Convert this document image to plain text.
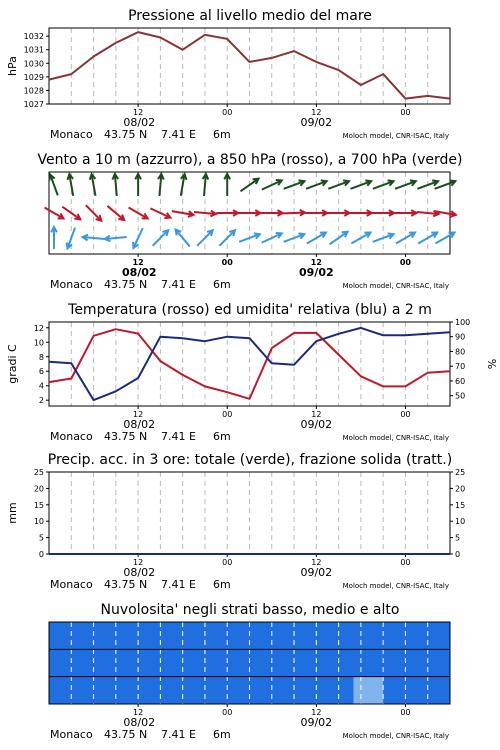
Pressione al livello medio del mare
12	00	12	00
08/02	09/02
Monaco 43.75 N 7.41 E 6m	Moloch model, CNR-ISAC, Italy
1027
1028
1029
1030
1031
1032
hPa
Vento a 10 m (azzurro), a 850 hPa (rosso), a 700 hPa (verde)
12	00	12	00
08/02	09/02
Monaco 43.75 N 7.41 E 6m	Moloch model, CNR-ISAC, Italy
Temperatura (rosso) ed umidita' relativa (blu) a 2 m
12	00	12	00
08/02	09/02
Monaco 43.75 N 7.41 E 6m	Moloch model, CNR-ISAC, Italy
2
4
6
8
10
12
50
60
70
80
90
100
gradi C	%
Precip. acc. in 3 ore: totale (verde), frazione solida (tratt.)
12	00	12	00
08/02	09/02
Monaco 43.75 N 7.41 E 6m	Moloch model, CNR-ISAC, Italy
0
5
10
15
20
25
0
5
10
15
20
25
mm
Nuvolosita' negli strati basso, medio e alto
12	00	12	00
08/02	09/02
Monaco 43.75 N 7.41 E 6m	Moloch model, CNR-ISAC, Italy
